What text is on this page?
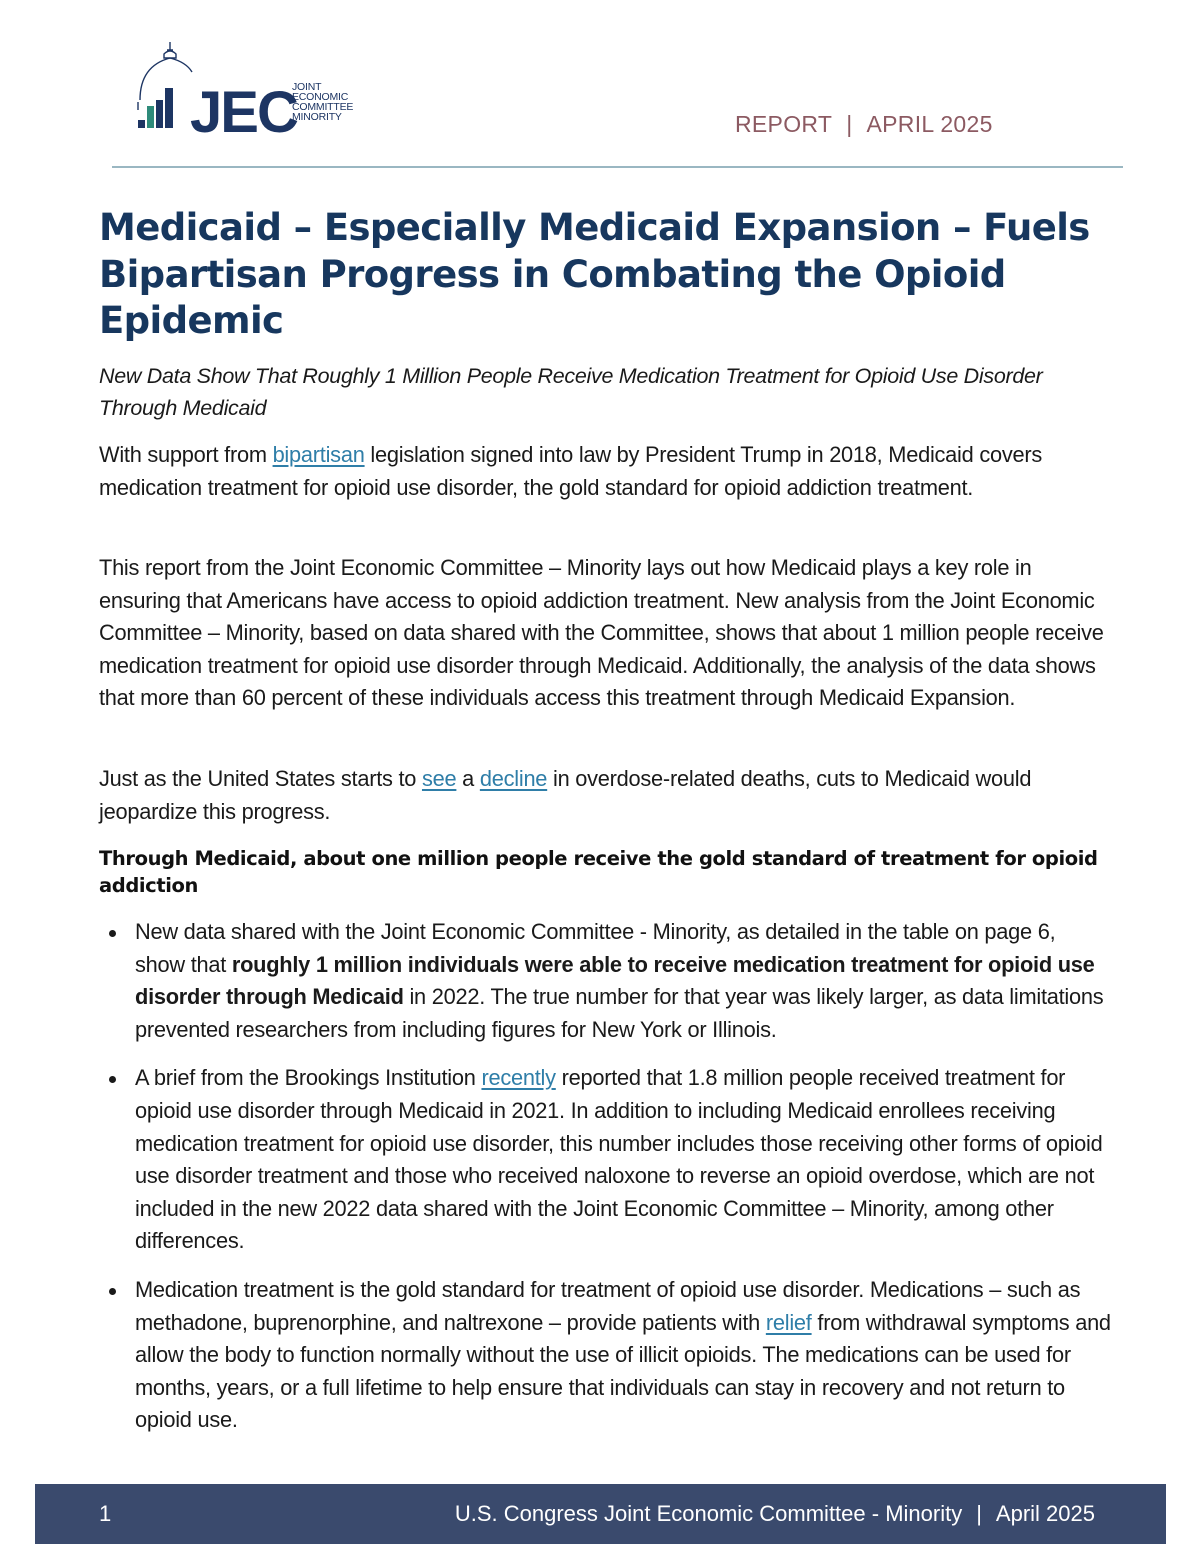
JEC
JOINT
ECONOMIC
COMMITTEE
MINORITY	REPORT | APRIL 2025
Medicaid – Especially Medicaid Expansion – Fuels Bipartisan Progress in Combating the Opioid Epidemic

New Data Show That Roughly 1 Million People Receive Medication Treatment for Opioid Use Disorder Through Medicaid

With support from bipartisan legislation signed into law by President Trump in 2018, Medicaid covers medication treatment for opioid use disorder, the gold standard for opioid addiction treatment.

This report from the Joint Economic Committee – Minority lays out how Medicaid plays a key role in ensuring that Americans have access to opioid addiction treatment. New analysis from the Joint Economic Committee – Minority, based on data shared with the Committee, shows that about 1 million people receive medication treatment for opioid use disorder through Medicaid. Additionally, the analysis of the data shows that more than 60 percent of these individuals access this treatment through Medicaid Expansion.

Just as the United States starts to see a decline in overdose-related deaths, cuts to Medicaid would jeopardize this progress.

Through Medicaid, about one million people receive the gold standard of treatment for opioid addiction
New data shared with the Joint Economic Committee - Minority, as detailed in the table on page 6, show that roughly 1 million individuals were able to receive medication treatment for opioid use disorder through Medicaid in 2022. The true number for that year was likely larger, as data limitations prevented researchers from including figures for New York or Illinois.
A brief from the Brookings Institution recently reported that 1.8 million people received treatment for opioid use disorder through Medicaid in 2021. In addition to including Medicaid enrollees receiving medication treatment for opioid use disorder, this number includes those receiving other forms of opioid use disorder treatment and those who received naloxone to reverse an opioid overdose, which are not included in the new 2022 data shared with the Joint Economic Committee – Minority, among other differences.
Medication treatment is the gold standard for treatment of opioid use disorder. Medications – such as methadone, buprenorphine, and naltrexone – provide patients with relief from withdrawal symptoms and allow the body to function normally without the use of illicit opioids. The medications can be used for months, years, or a full lifetime to help ensure that individuals can stay in recovery and not return to opioid use.
1	U.S. Congress Joint Economic Committee - Minority | April 2025
